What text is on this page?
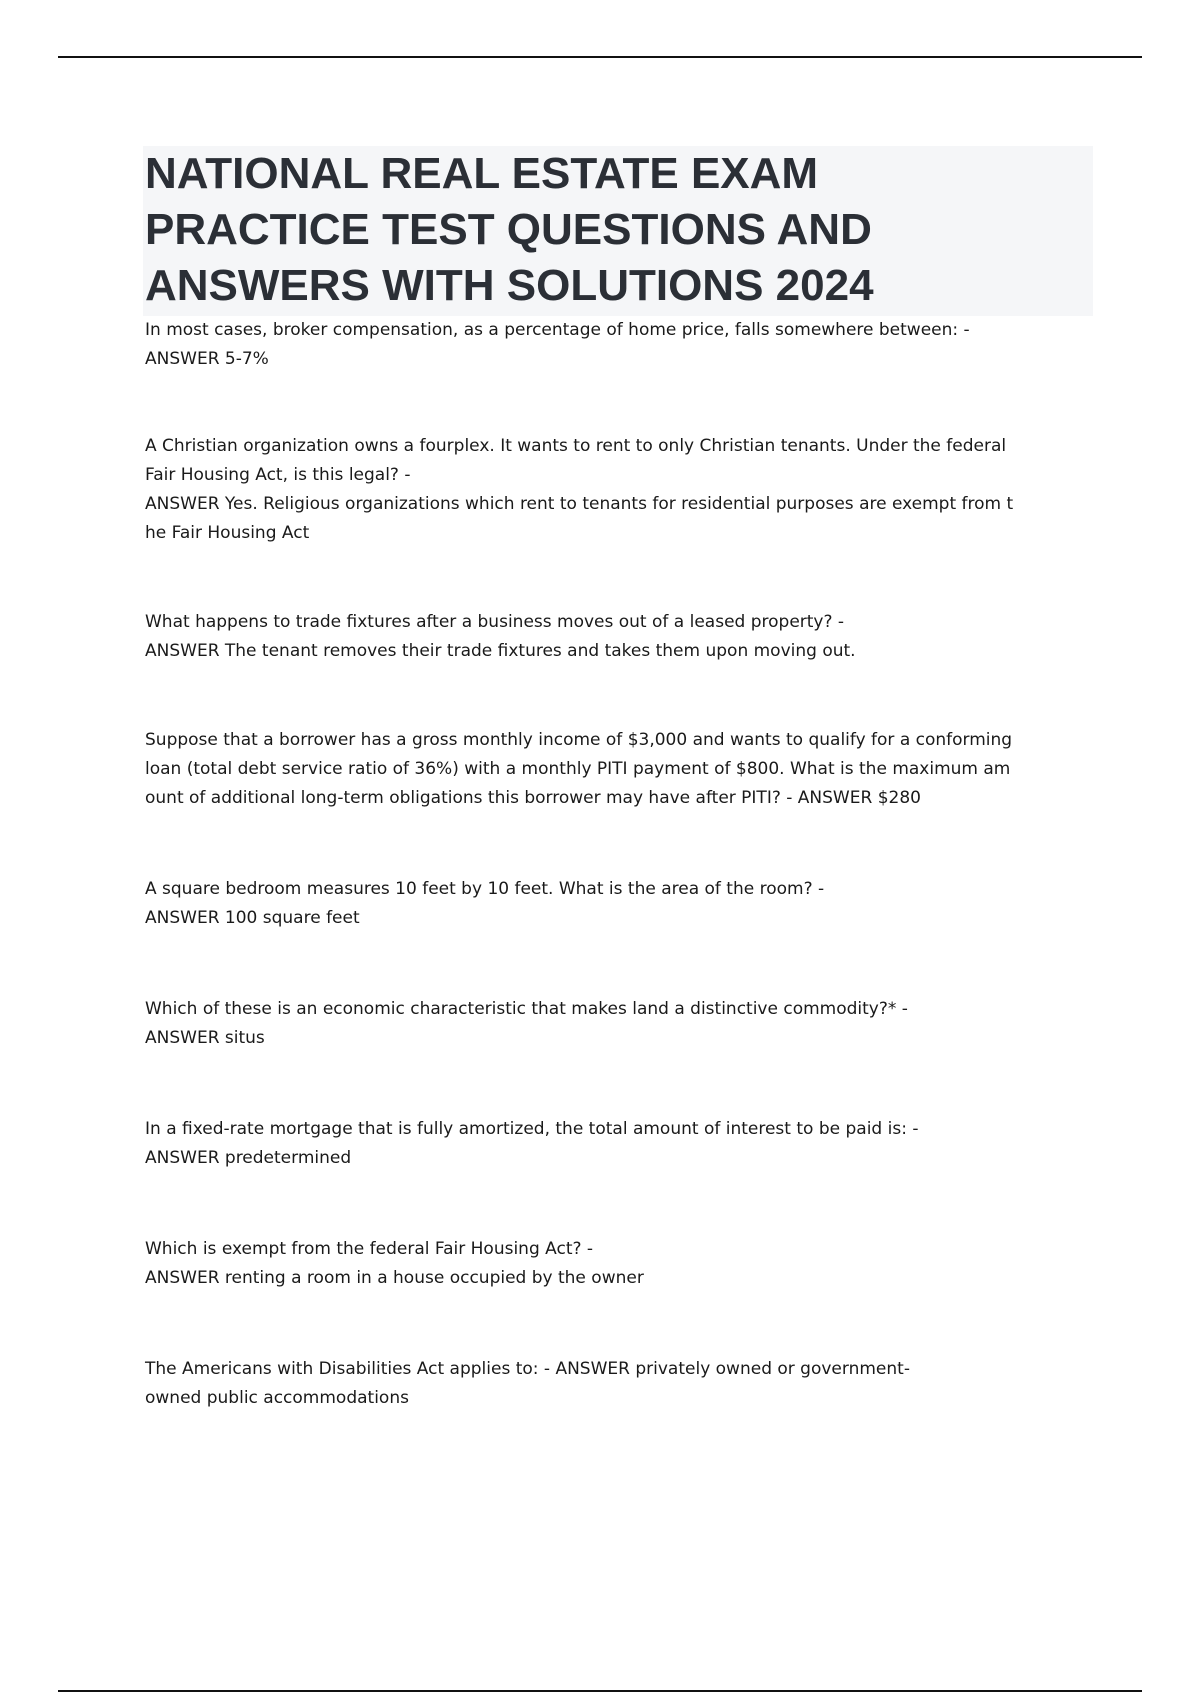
NATIONAL REAL ESTATE EXAM
PRACTICE TEST QUESTIONS AND
ANSWERS WITH SOLUTIONS 2024
In most cases, broker compensation, as a percentage of home price, falls somewhere between: -
ANSWER 5-7%
A Christian organization owns a fourplex. It wants to rent to only Christian tenants. Under the federal
Fair Housing Act, is this legal? -
ANSWER Yes. Religious organizations which rent to tenants for residential purposes are exempt from t
he Fair Housing Act
What happens to trade fixtures after a business moves out of a leased property? -
ANSWER The tenant removes their trade fixtures and takes them upon moving out.
Suppose that a borrower has a gross monthly income of $3,000 and wants to qualify for a conforming
loan (total debt service ratio of 36%) with a monthly PITI payment of $800. What is the maximum am
ount of additional long-term obligations this borrower may have after PITI? - ANSWER $280
A square bedroom measures 10 feet by 10 feet. What is the area of the room? -
ANSWER 100 square feet
Which of these is an economic characteristic that makes land a distinctive commodity?* -
ANSWER situs
In a fixed-rate mortgage that is fully amortized, the total amount of interest to be paid is: -
ANSWER predetermined
Which is exempt from the federal Fair Housing Act? -
ANSWER renting a room in a house occupied by the owner
The Americans with Disabilities Act applies to: - ANSWER privately owned or government-
owned public accommodations
